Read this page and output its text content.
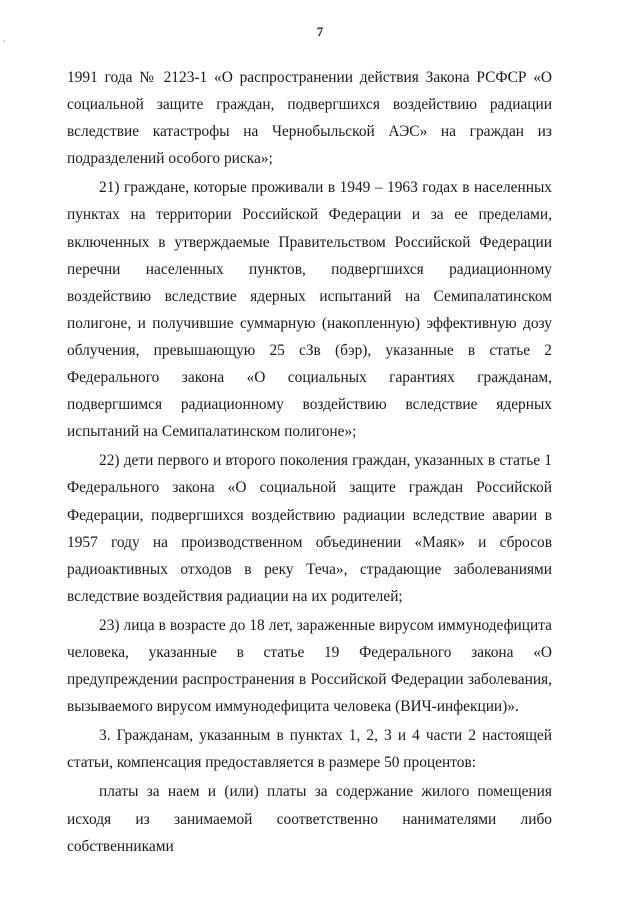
7

1991 года № 2123-1 «О распространении действия Закона РСФСР «О социальной защите граждан, подвергшихся воздействию радиации вследствие катастрофы на Чернобыльской АЭС» на граждан из подразделений особого риска»;

21) граждане, которые проживали в 1949 – 1963 годах в населенных пунктах на территории Российской Федерации и за ее пределами, включенных в утверждаемые Правительством Российской Федерации перечни населенных пунктов, подвергшихся радиационному воздействию вследствие ядерных испытаний на Семипалатинском полигоне, и получившие суммарную (накопленную) эффективную дозу облучения, превышающую 25 сЗв (бэр), указанные в статье 2 Федерального закона «О социальных гарантиях гражданам, подвергшимся радиационному воздействию вследствие ядерных испытаний на Семипалатинском полигоне»;

22) дети первого и второго поколения граждан, указанных в статье 1 Федерального закона «О социальной защите граждан Российской Федерации, подвергшихся воздействию радиации вследствие аварии в 1957 году на производственном объединении «Маяк» и сбросов радиоактивных отходов в реку Теча», страдающие заболеваниями вследствие воздействия радиации на их родителей;

23) лица в возрасте до 18 лет, зараженные вирусом иммунодефицита человека, указанные в статье 19 Федерального закона «О предупреждении распространения в Российской Федерации заболевания, вызываемого вирусом иммунодефицита человека (ВИЧ-инфекции)».

3. Гражданам, указанным в пунктах 1, 2, 3 и 4 части 2 настоящей статьи, компенсация предоставляется в размере 50 процентов:

платы за наем и (или) платы за содержание жилого помещения исходя из занимаемой соответственно нанимателями либо собственниками
